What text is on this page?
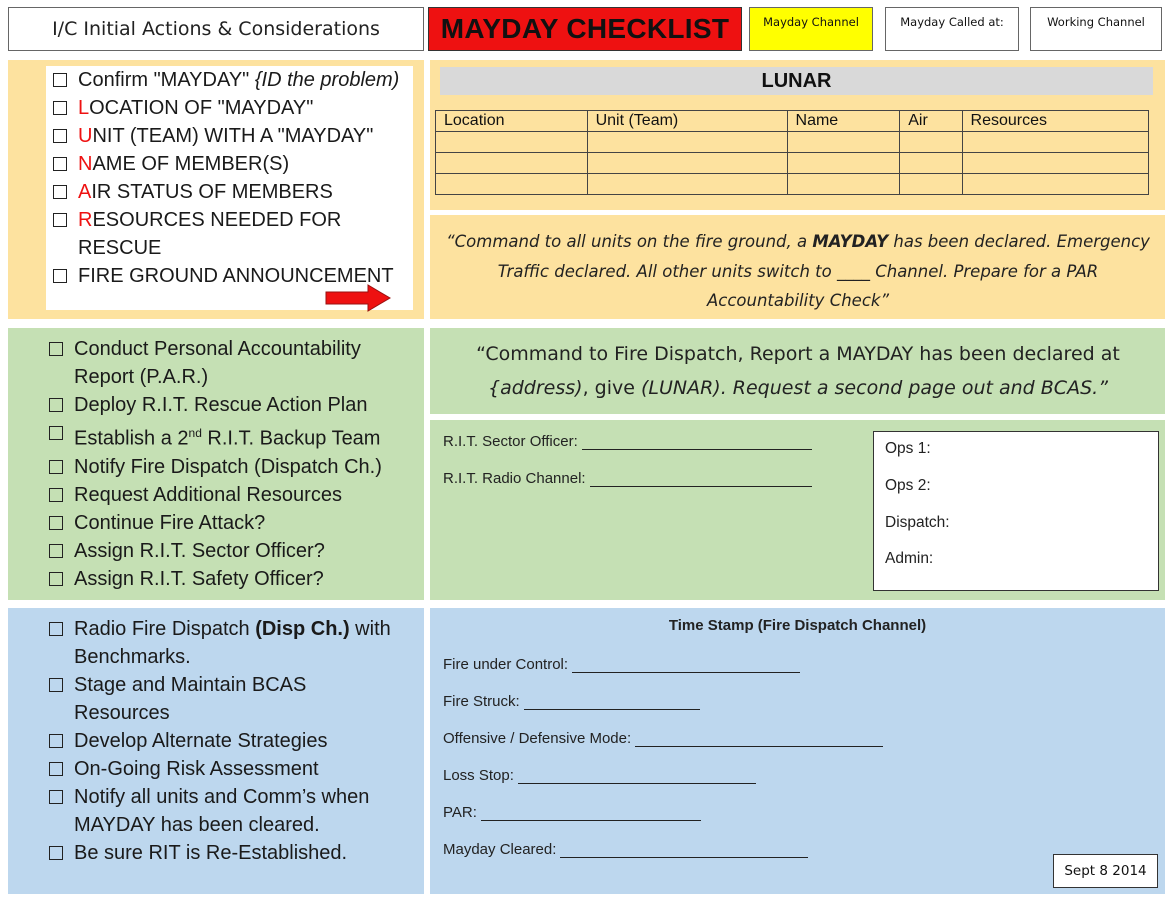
I/C Initial Actions & Considerations	MAYDAY CHECKLIST	Mayday Channel	Mayday Called at:	Working Channel
Confirm "MAYDAY" {ID the problem)
LOCATION OF "MAYDAY"
UNIT (TEAM) WITH A "MAYDAY"
NAME OF MEMBER(S)
AIR STATUS OF MEMBERS
RESOURCES NEEDED FOR
RESCUE
FIRE GROUND ANNOUNCEMENT
LUNAR
Location	Unit (Team)	Name	Air	Resources

“Command to all units on the fire ground, a MAYDAY has been declared. Emergency Traffic declared. All other units switch to ____ Channel. Prepare for a PAR Accountability Check”
Conduct Personal Accountability
Report (P.A.R.)
Deploy R.I.T. Rescue Action Plan
Establish a 2nd R.I.T. Backup Team
Notify Fire Dispatch (Dispatch Ch.)
Request Additional Resources
Continue Fire Attack?
Assign R.I.T. Sector Officer?
Assign R.I.T. Safety Officer?
“Command to Fire Dispatch, Report a MAYDAY has been declared at
{address), give (LUNAR). Request a second page out and BCAS.”
R.I.T. Sector Officer:
R.I.T. Radio Channel:
Ops 1:
Ops 2:
Dispatch:
Admin:
Radio Fire Dispatch (Disp Ch.) with
Benchmarks.
Stage and Maintain BCAS
Resources
Develop Alternate Strategies
On-Going Risk Assessment
Notify all units and Comm’s when
MAYDAY has been cleared.
Be sure RIT is Re-Established.
Time Stamp (Fire Dispatch Channel)
Fire under Control:
Fire Struck:
Offensive / Defensive Mode:
Loss Stop:
PAR:
Mayday Cleared:
Sept 8 2014
